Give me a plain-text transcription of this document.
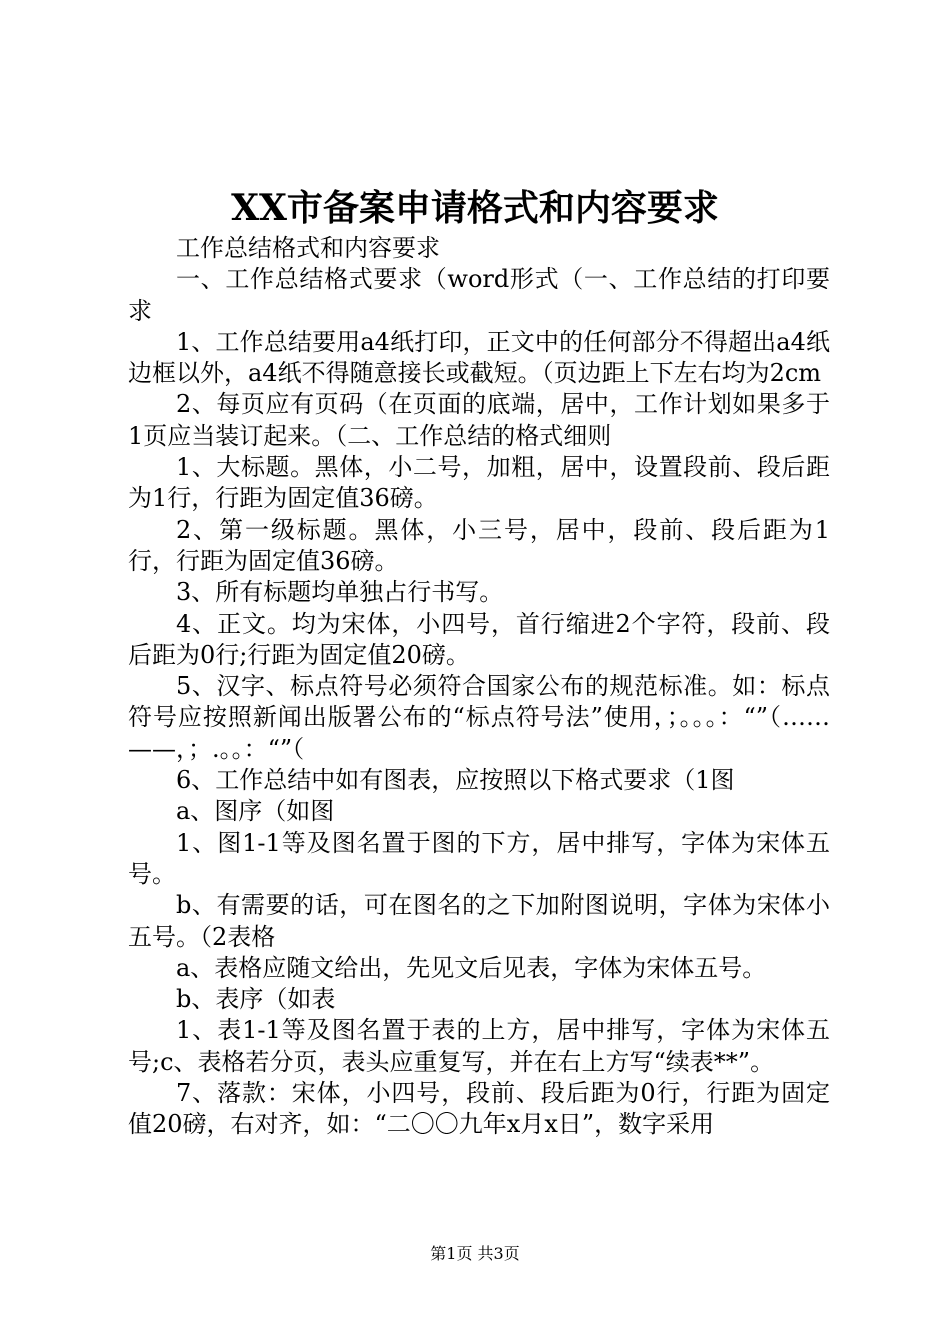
XX市备案申请格式和内容要求

工作总结格式和内容要求

一、工作总结格式要求（word形式（一、工作总结的打印要求

1、工作总结要用a4纸打印，正文中的任何部分不得超出a4纸边框以外，a4纸不得随意接长或截短。（页边距上下左右均为2cm

2、每页应有页码（在页面的底端，居中，工作计划如果多于1页应当装订起来。（二、工作总结的格式细则

1、大标题。黑体，小二号，加粗，居中，设置段前、段后距为1行，行距为固定值36磅。

2、第一级标题。黑体，小三号，居中，段前、段后距为1行，行距为固定值36磅。

3、所有标题均单独占行书写。

4、正文。均为宋体，小四号，首行缩进2个字符，段前、段后距为0行;行距为固定值20磅。

5、汉字、标点符号必须符合国家公布的规范标准。如：标点符号应按照新闻出版署公布的“标点符号法”使用，；。。。：“”（……——，；.。。：“”（

6、工作总结中如有图表，应按照以下格式要求（1图

a、图序（如图

1、图1-1等及图名置于图的下方，居中排写，字体为宋体五号。

b、有需要的话，可在图名的之下加附图说明，字体为宋体小五号。（2表格

a、表格应随文给出，先见文后见表，字体为宋体五号。

b、表序（如表

1、表1-1等及图名置于表的上方，居中排写，字体为宋体五号;c、表格若分页，表头应重复写，并在右上方写“续表**”。

7、落款：宋体，小四号，段前、段后距为0行，行距为固定值20磅，右对齐，如：“二〇〇九年x月x日”，数字采用

第1页 共3页
